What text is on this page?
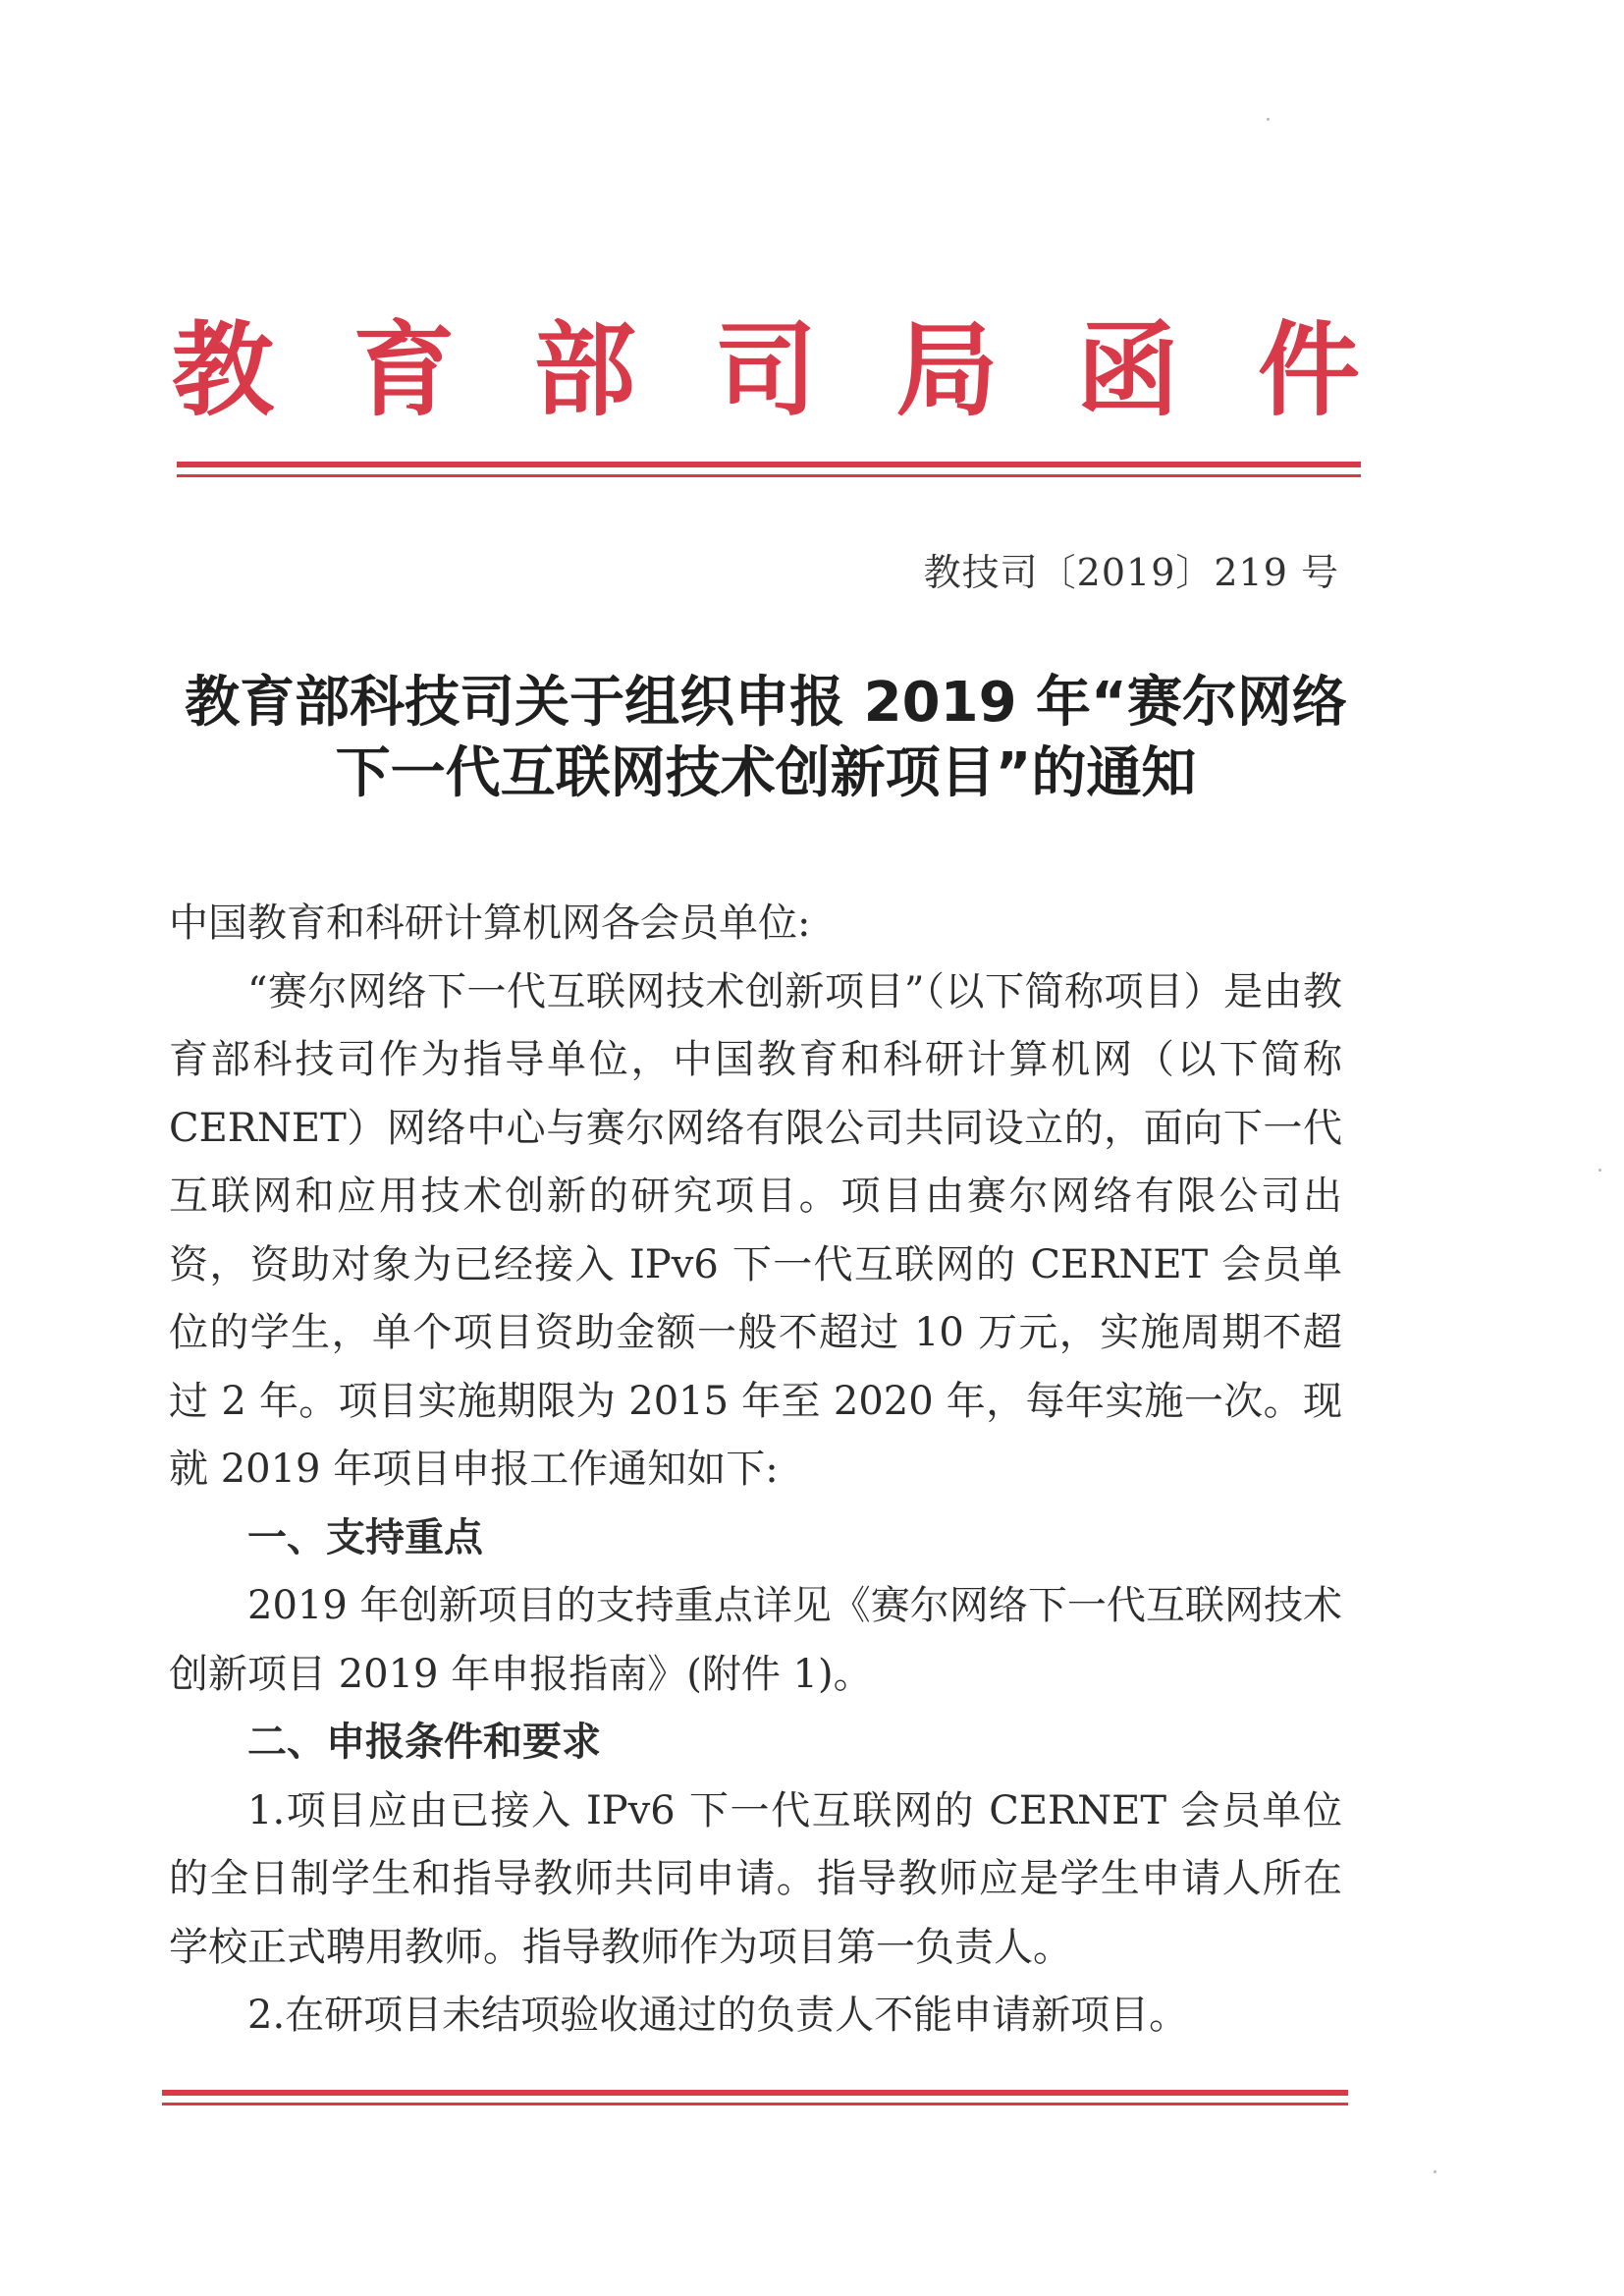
教 育 部 司 局 函 件
教技司〔2019〕219 号
教育部科技司关于组织申报 2019 年“赛尔网络
下一代互联网技术创新项目”的通知

中国教育和科研计算机网各会员单位:

“赛尔网络下一代互联网技术创新项目”（以下简称项目）是由教育部科技司作为指导单位，中国教育和科研计算机网（以下简称 CERNET）网络中心与赛尔网络有限公司共同设立的，面向下一代互联网和应用技术创新的研究项目。项目由赛尔网络有限公司出资，资助对象为已经接入 IPv6 下一代互联网的 CERNET 会员单位的学生，单个项目资助金额一般不超过 10 万元，实施周期不超过 2 年。项目实施期限为 2015 年至 2020 年，每年实施一次。现就 2019 年项目申报工作通知如下:

一、支持重点

2019 年创新项目的支持重点详见《赛尔网络下一代互联网技术创新项目 2019 年申报指南》(附件 1)。

二、申报条件和要求

1.项目应由已接入 IPv6 下一代互联网的 CERNET 会员单位的全日制学生和指导教师共同申请。指导教师应是学生申请人所在学校正式聘用教师。指导教师作为项目第一负责人。

2.在研项目未结项验收通过的负责人不能申请新项目。
